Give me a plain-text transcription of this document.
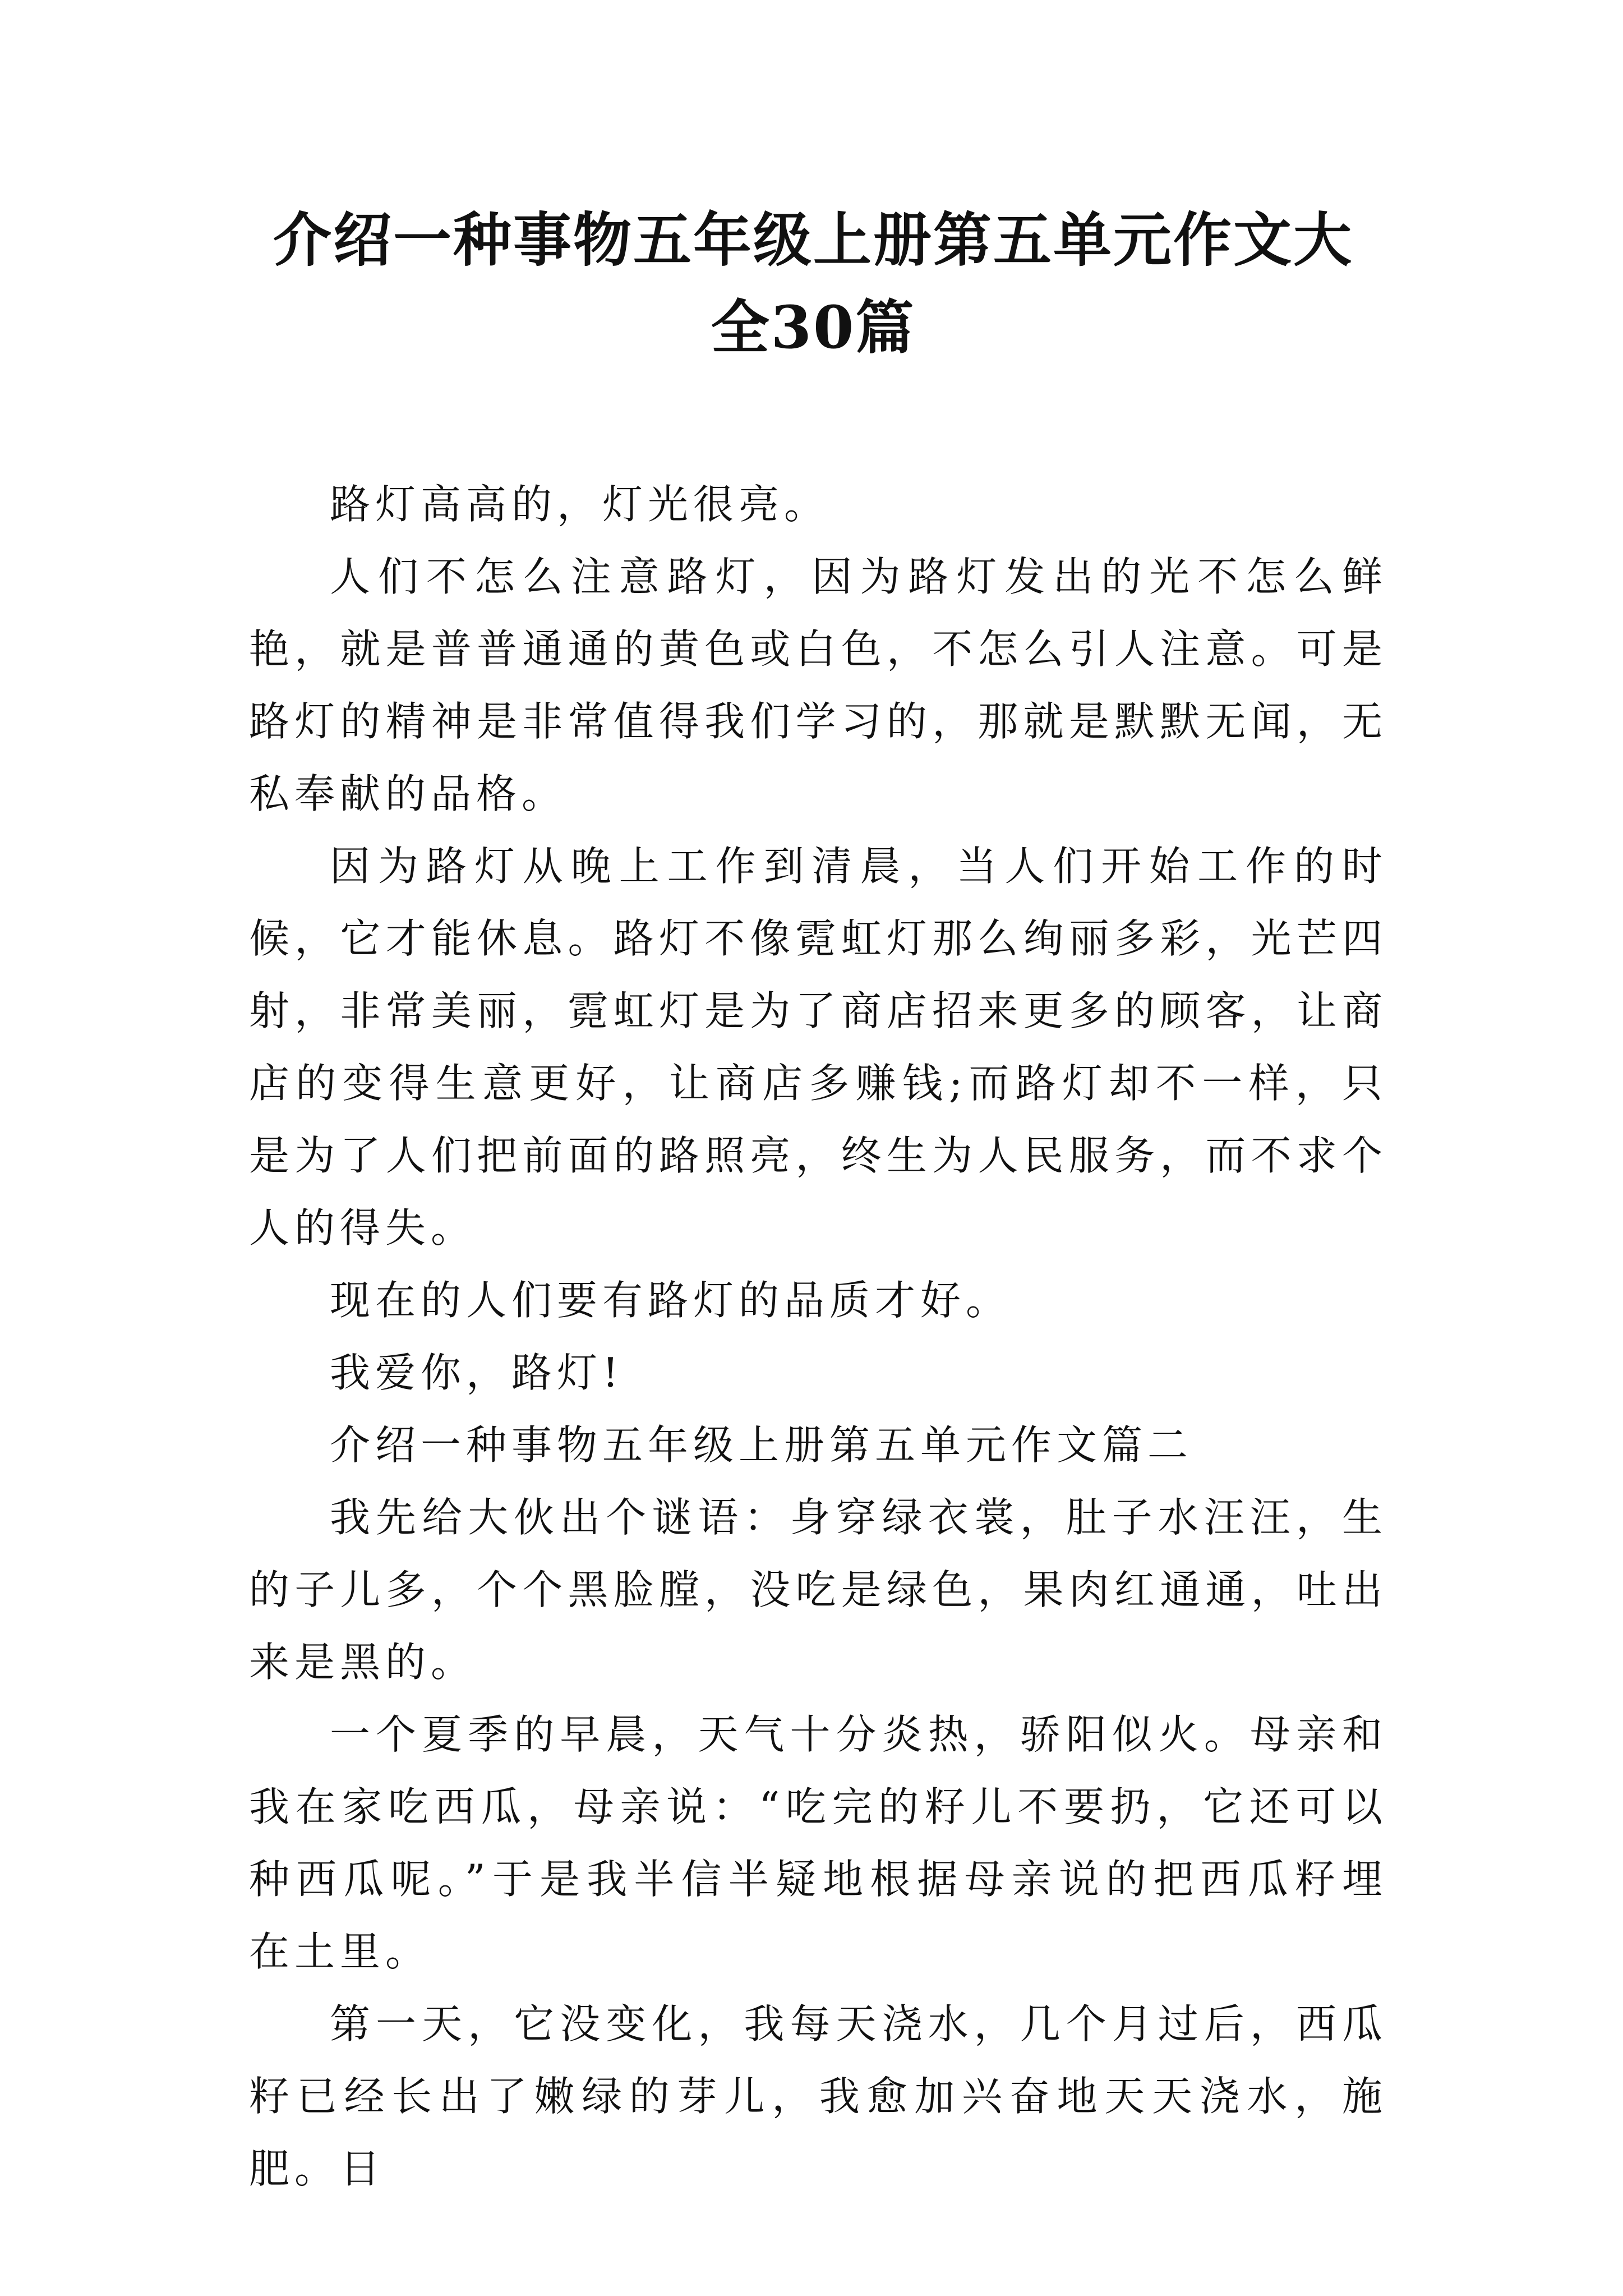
介绍一种事物五年级上册第五单元作文大
全30篇

路灯高高的，灯光很亮。

人们不怎么注意路灯，因为路灯发出的光不怎么鲜艳，就是普普通通的黄色或白色，不怎么引人注意。可是路灯的精神是非常值得我们学习的，那就是默默无闻，无私奉献的品格。

因为路灯从晚上工作到清晨，当人们开始工作的时候，它才能休息。路灯不像霓虹灯那么绚丽多彩，光芒四射，非常美丽，霓虹灯是为了商店招来更多的顾客，让商店的变得生意更好，让商店多赚钱;而路灯却不一样，只是为了人们把前面的路照亮，终生为人民服务，而不求个人的得失。

现在的人们要有路灯的品质才好。

我爱你，路灯!

介绍一种事物五年级上册第五单元作文篇二

我先给大伙出个谜语：身穿绿衣裳，肚子水汪汪，生的子儿多，个个黑脸膛，没吃是绿色，果肉红通通，吐出来是黑的。

一个夏季的早晨，天气十分炎热，骄阳似火。母亲和我在家吃西瓜，母亲说：“吃完的籽儿不要扔，它还可以种西瓜呢。”于是我半信半疑地根据母亲说的把西瓜籽埋在土里。

第一天，它没变化，我每天浇水，几个月过后，西瓜籽已经长出了嫩绿的芽儿，我愈加兴奋地天天浇水，施肥。日
